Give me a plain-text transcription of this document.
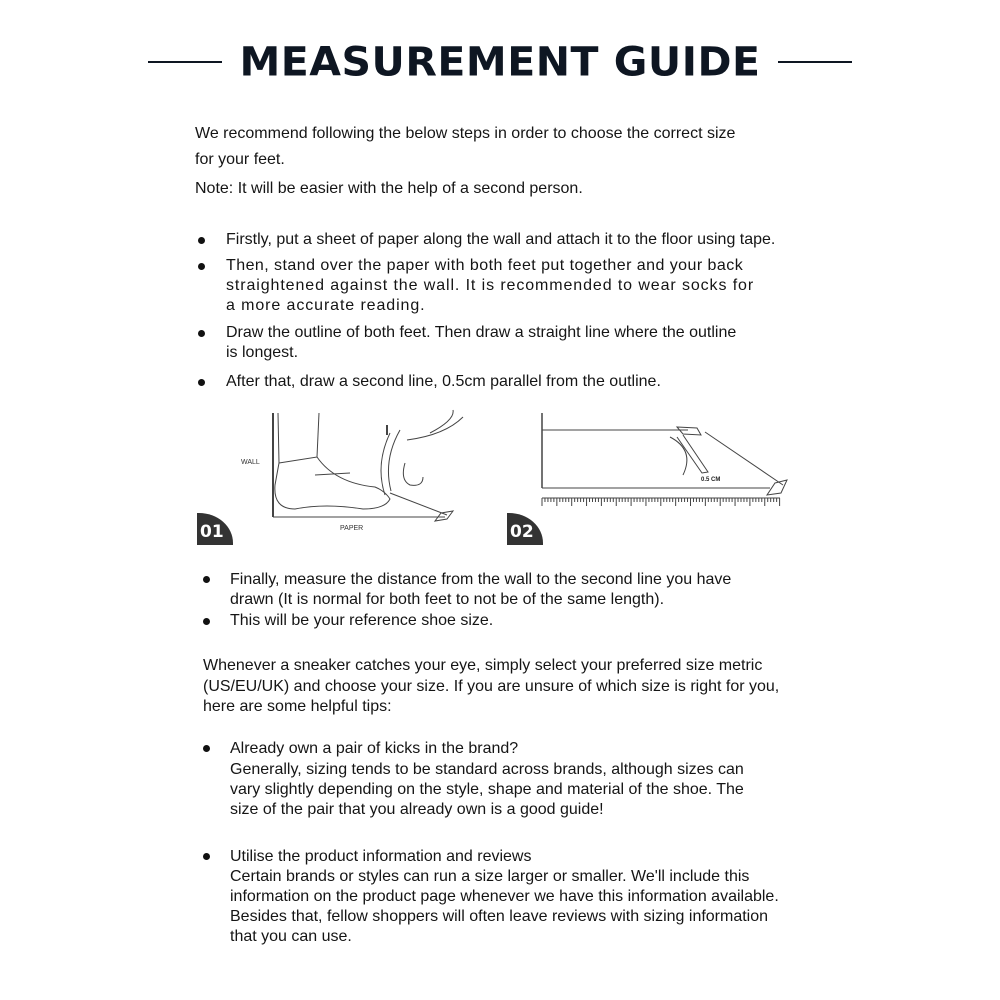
MEASUREMENT GUIDE
We recommend following the below steps in order to choose the correct size
for your feet.
Note: It will be easier with the help of a second person.
Firstly, put a sheet of paper along the wall and attach it to the floor using tape.
Then, stand over the paper with both feet put together and your back
straightened against the wall. It is recommended to wear socks for
a more accurate reading.
Draw the outline of both feet. Then draw a straight line where the outline
is longest.
After that, draw a second line, 0.5cm parallel from the outline.
WALL
PAPER
01
0.5 CM
02
Finally, measure the distance from the wall to the second line you have
drawn (It is normal for both feet to not be of the same length).
This will be your reference shoe size.
Whenever a sneaker catches your eye, simply select your preferred size metric
(US/EU/UK) and choose your size. If you are unsure of which size is right for you,
here are some helpful tips:
Already own a pair of kicks in the brand?
Generally, sizing tends to be standard across brands, although sizes can
vary slightly depending on the style, shape and material of the shoe. The
size of the pair that you already own is a good guide!
Utilise the product information and reviews
Certain brands or styles can run a size larger or smaller. We'll include this
information on the product page whenever we have this information available.
Besides that, fellow shoppers will often leave reviews with sizing information
that you can use.
